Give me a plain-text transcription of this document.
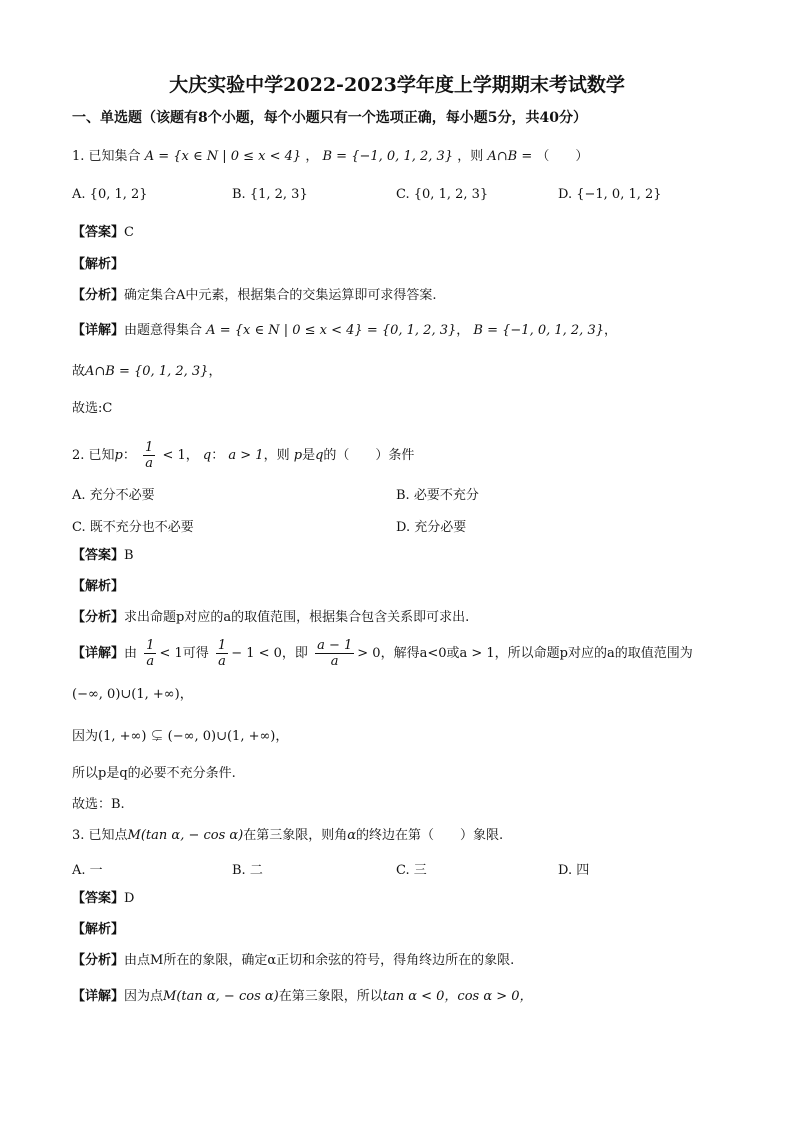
大庆实验中学2022-2023学年度上学期期末考试数学
一、单选题（该题有8个小题，每个小题只有一个选项正确，每小题5分，共40分）
1. 已知集合 A = {x ∈ N | 0 ≤ x < 4} ， B = {−1, 0, 1, 2, 3} ，则 A∩B = （　　）
A. {0, 1, 2}	B. {1, 2, 3}	C. {0, 1, 2, 3}	D. {−1, 0, 1, 2}
【答案】C
【解析】
【分析】确定集合A中元素，根据集合的交集运算即可求得答案.
【详解】由题意得集合 A = {x ∈ N | 0 ≤ x < 4} = {0, 1, 2, 3}， B = {−1, 0, 1, 2, 3}，
故A∩B = {0, 1, 2, 3}，
故选:C
2. 已知p： $\frac{1}{a} < 1$， q： a > 1，则 p是q的（　　）条件
A. 充分不必要	B. 必要不充分
C. 既不充分也不必要	D. 充分必要
【答案】B
【解析】
【分析】求出命题p对应的a的取值范围，根据集合包含关系即可求出.
【详解】由 $\frac{1}{a} < 1$可得 $\frac{1}{a} - 1 < 0$，即 $\frac{a - 1}{a} > 0$，解得a<0或a > 1，所以命题p对应的a的取值范围为
(−∞, 0)∪(1, +∞)，
因为(1, +∞) ⊊ (−∞, 0)∪(1, +∞)，
所以p是q的必要不充分条件.
故选：B.
3. 已知点M(tan α, − cos α)在第三象限，则角α的终边在第（　　）象限.
A. 一	B. 二	C. 三	D. 四
【答案】D
【解析】
【分析】由点M所在的象限，确定α正切和余弦的符号，得角终边所在的象限.
【详解】因为点M(tan α, − cos α)在第三象限，所以tan α < 0，cos α > 0，
